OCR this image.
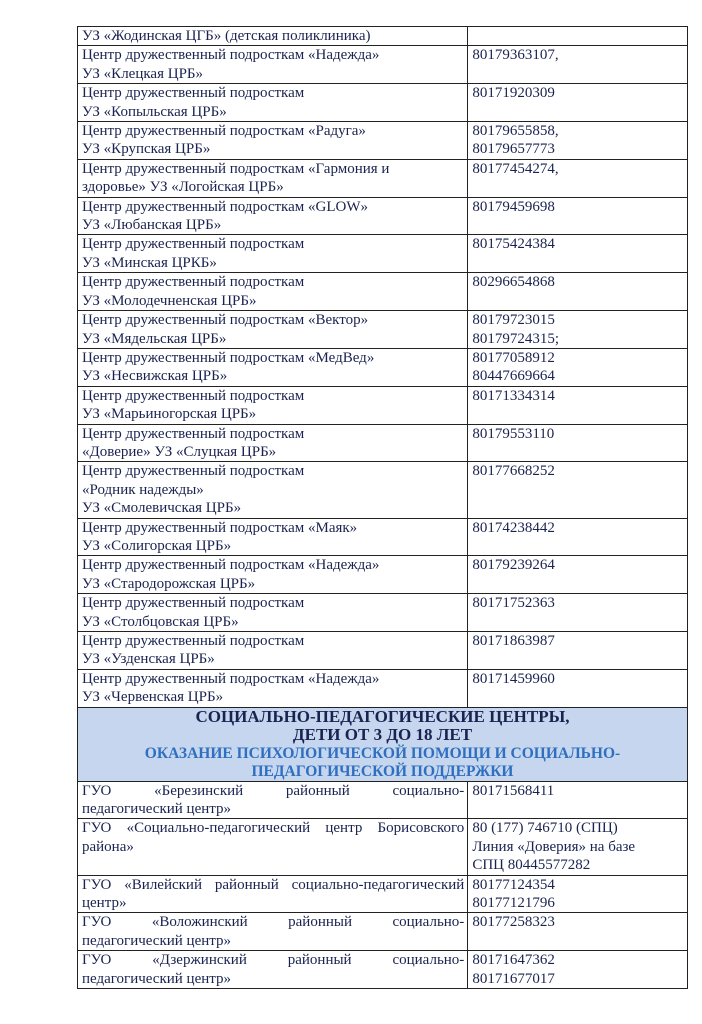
УЗ «Жодинская ЦГБ» (детская поликлиника)	

Центр дружественный подросткам «Надежда»
УЗ «Клецкая ЦРБ»	80179363107,

Центр дружественный подросткам
УЗ «Копыльская ЦРБ»	80171920309

Центр дружественный подросткам «Радуга»
УЗ «Крупская ЦРБ»	80179655858,
80179657773

Центр дружественный подросткам «Гармония и
здоровье» УЗ «Логойская ЦРБ»	80177454274,

Центр дружественный подросткам «GLOW»
УЗ «Любанская ЦРБ»	80179459698

Центр дружественный подросткам
УЗ «Минская ЦРКБ»	80175424384

Центр дружественный подросткам
УЗ «Молодечненская ЦРБ»	80296654868

Центр дружественный подросткам «Вектор»
УЗ «Мядельская ЦРБ»	80179723015
80179724315;

Центр дружественный подросткам «МедВед»
УЗ «Несвижская ЦРБ»	80177058912
80447669664

Центр дружественный подросткам
УЗ «Марьиногорская ЦРБ»	80171334314

Центр дружественный подросткам
«Доверие» УЗ «Слуцкая ЦРБ»	80179553110

Центр дружественный подросткам
«Родник надежды»
УЗ «Смолевичская ЦРБ»	80177668252

Центр дружественный подросткам «Маяк»
УЗ «Солигорская ЦРБ»	80174238442

Центр дружественный подросткам «Надежда»
УЗ «Стародорожская ЦРБ»	80179239264

Центр дружественный подросткам
УЗ «Столбцовская ЦРБ»	80171752363

Центр дружественный подросткам
УЗ «Узденская ЦРБ»	80171863987

Центр дружественный подросткам «Надежда»
УЗ «Червенская ЦРБ»	80171459960

СОЦИАЛЬНО-ПЕДАГОГИЧЕСКИЕ ЦЕНТРЫ,
ДЕТИ ОТ 3 ДО 18 ЛЕТ
ОКАЗАНИЕ ПСИХОЛОГИЧЕСКОЙ ПОМОЩИ И СОЦИАЛЬНО-
ПЕДАГОГИЧЕСКОЙ ПОДДЕРЖКИ	

ГУО «Березинский районный социально-
педагогический центр»	80171568411

ГУО «Социально-педагогический центр Борисовского
района»	80 (177) 746710 (СПЦ)
Линия «Доверия» на базе
СПЦ 80445577282

ГУО «Вилейский районный социально-педагогический
центр»	80177124354
80177121796

ГУО «Воложинский районный социально-
педагогический центр»	80177258323

ГУО «Дзержинский районный социально-
педагогический центр»	80171647362
80171677017
